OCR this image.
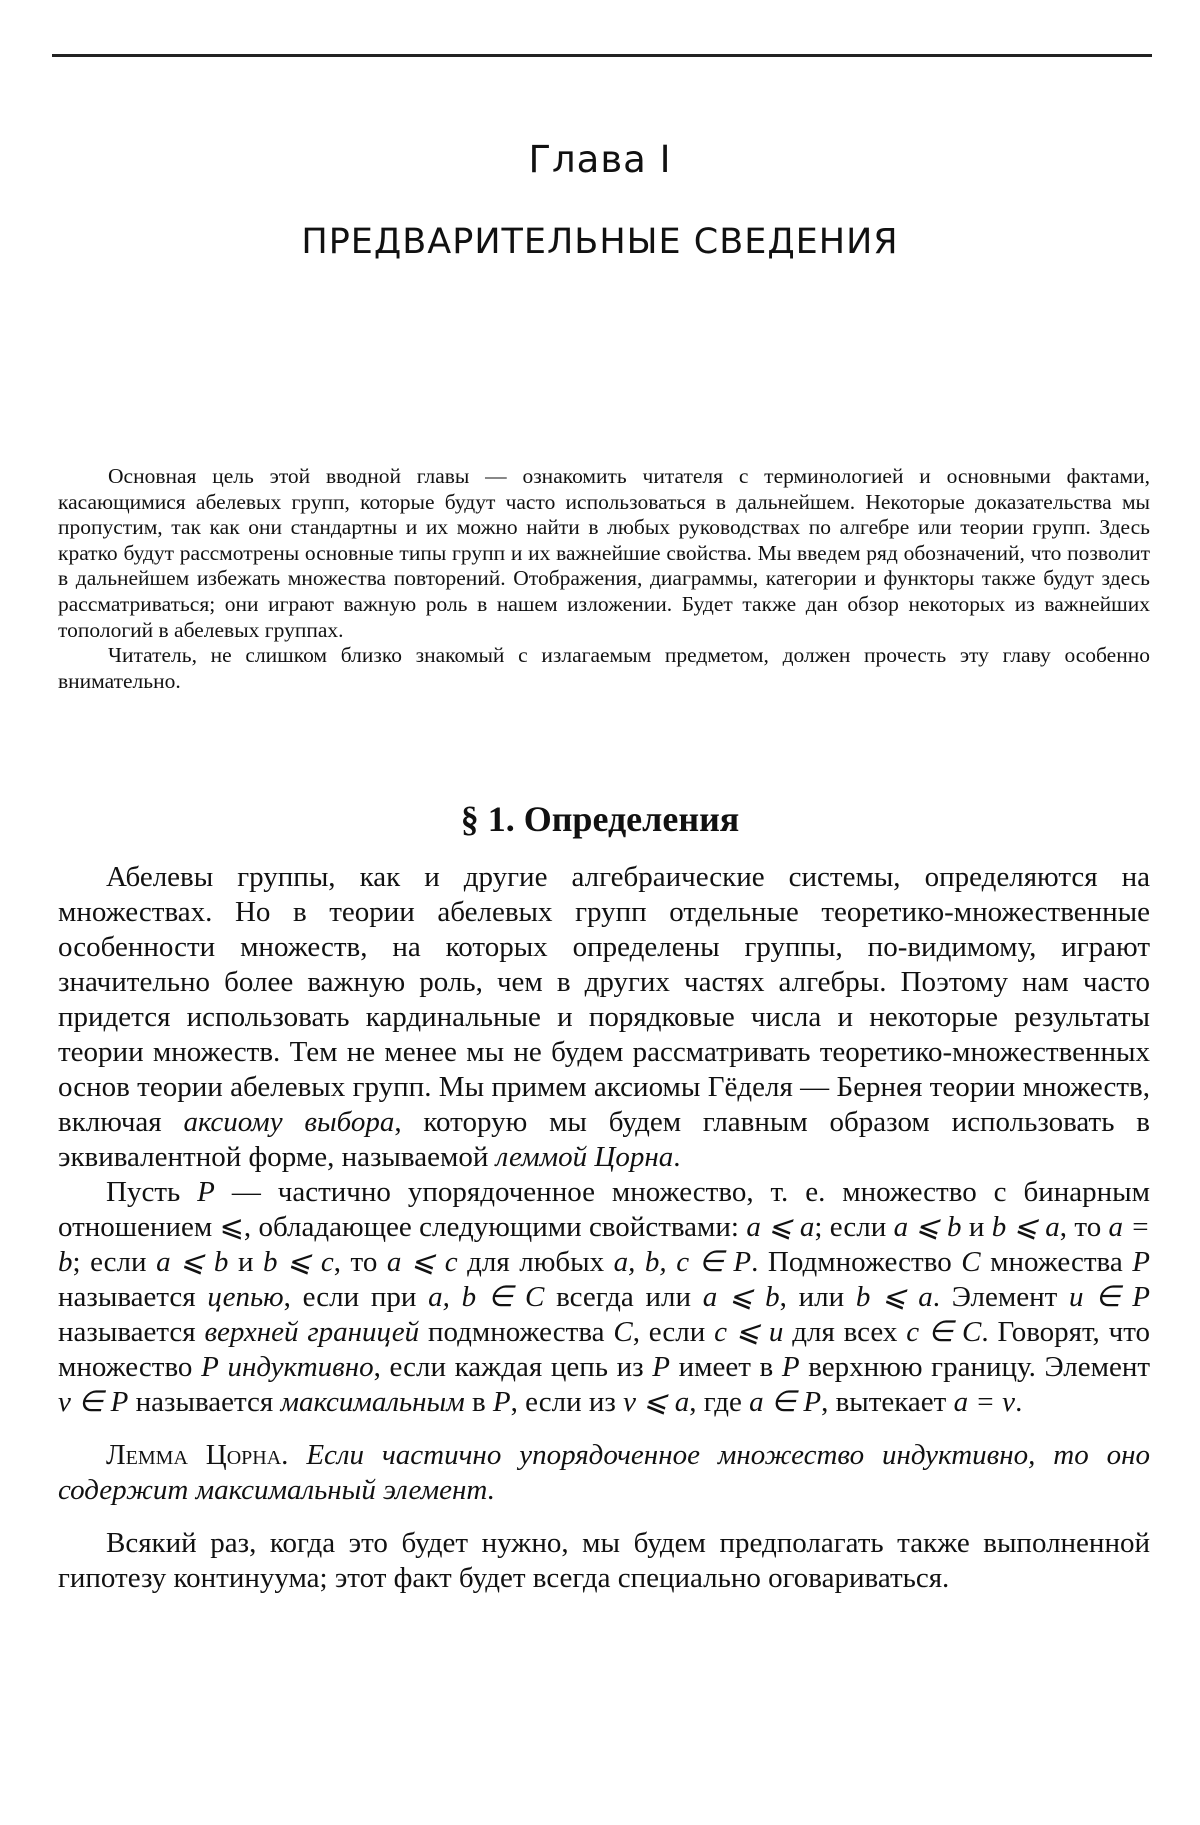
Глава I
ПРЕДВАРИТЕЛЬНЫЕ СВЕДЕНИЯ

Основная цель этой вводной главы — ознакомить читателя с терминологией и основными фактами, касающимися абелевых групп, которые будут часто использоваться в дальнейшем. Некоторые доказательства мы пропустим, так как они стандартны и их можно найти в любых руководствах по алгебре или теории групп. Здесь кратко будут рассмотрены основные типы групп и их важнейшие свойства. Мы введем ряд обозначений, что позволит в дальнейшем избежать множества повторений. Отображения, диаграммы, категории и функторы также будут здесь рассматриваться; они играют важную роль в нашем изложении. Будет также дан обзор некоторых из важнейших топологий в абелевых группах.

Читатель, не слишком близко знакомый с излагаемым предметом, должен прочесть эту главу особенно внимательно.

§ 1. Определения

Абелевы группы, как и другие алгебраические системы, определяются на множествах. Но в теории абелевых групп отдельные теоретико-множественные особенности множеств, на которых определены группы, по-видимому, играют значительно более важную роль, чем в других частях алгебры. Поэтому нам часто придется использовать кардинальные и порядковые числа и некоторые результаты теории множеств. Тем не менее мы не будем рассматривать теоретико-множественных основ теории абелевых групп. Мы примем аксиомы Гёделя — Бернея теории множеств, включая аксиому выбора, которую мы будем главным образом использовать в эквивалентной форме, называемой леммой Цорна.

Пусть P — частично упорядоченное множество, т. е. множество с бинарным отношением ⩽, обладающее следующими свойствами: a ⩽ a; если a ⩽ b и b ⩽ a, то a = b; если a ⩽ b и b ⩽ c, то a ⩽ c для любых a, b, c ∈ P. Подмножество C множества P называется цепью, если при a, b ∈ C всегда или a ⩽ b, или b ⩽ a. Элемент u ∈ P называется верхней границей подмножества C, если c ⩽ u для всех c ∈ C. Говорят, что множество P индуктивно, если каждая цепь из P имеет в P верхнюю границу. Элемент v ∈ P называется максимальным в P, если из v ⩽ a, где a ∈ P, вытекает a = v.

Лемма Цорна. Если частично упорядоченное множество индуктивно, то оно содержит максимальный элемент.

Всякий раз, когда это будет нужно, мы будем предполагать также выполненной гипотезу континуума; этот факт будет всегда специально оговариваться.
